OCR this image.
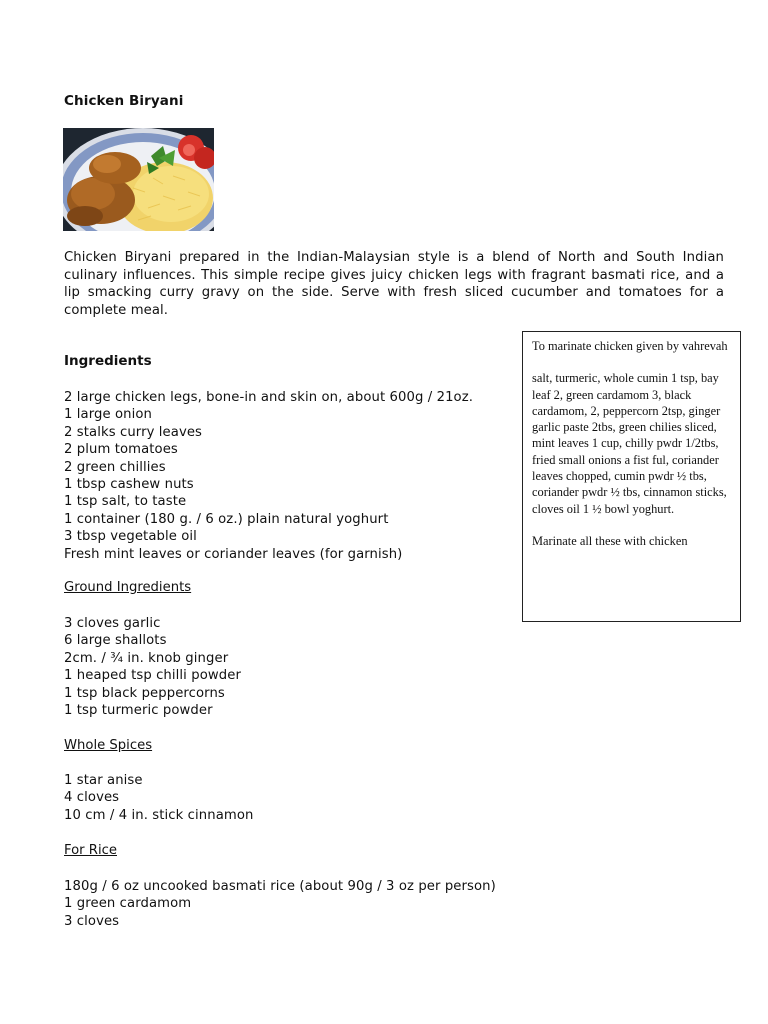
Chicken Biryani
Chicken Biryani prepared in the Indian-Malaysian style is a blend of North and South Indian culinary influences. This simple recipe gives juicy chicken legs with fragrant basmati rice, and a lip smacking curry gravy on the side. Serve with fresh sliced cucumber and tomatoes for a complete meal.
Ingredients
2 large chicken legs, bone-in and skin on, about 600g / 21oz.
1 large onion
2 stalks curry leaves
2 plum tomatoes
2 green chillies
1 tbsp cashew nuts
1 tsp salt, to taste
1 container (180 g. / 6 oz.) plain natural yoghurt
3 tbsp vegetable oil
Fresh mint leaves or coriander leaves (for garnish)
Ground Ingredients
3 cloves garlic
6 large shallots
2cm. / ¾ in. knob ginger
1 heaped tsp chilli powder
1 tsp black peppercorns
1 tsp turmeric powder
Whole Spices
1 star anise
4 cloves
10 cm / 4 in. stick cinnamon
For Rice
180g / 6 oz uncooked basmati rice (about 90g / 3 oz per person)
1 green cardamom
3 cloves

To marinate chicken given by vahrevah

salt, turmeric, whole cumin 1 tsp, bay leaf 2, green cardamom 3, black cardamom, 2, peppercorn 2tsp, ginger garlic paste 2tbs, green chilies sliced, mint leaves 1 cup, chilly pwdr 1/2tbs, fried small onions a fist ful, coriander leaves chopped, cumin pwdr ½ tbs, coriander pwdr ½ tbs, cinnamon sticks, cloves oil 1 ½ bowl yoghurt.

Marinate all these with chicken
